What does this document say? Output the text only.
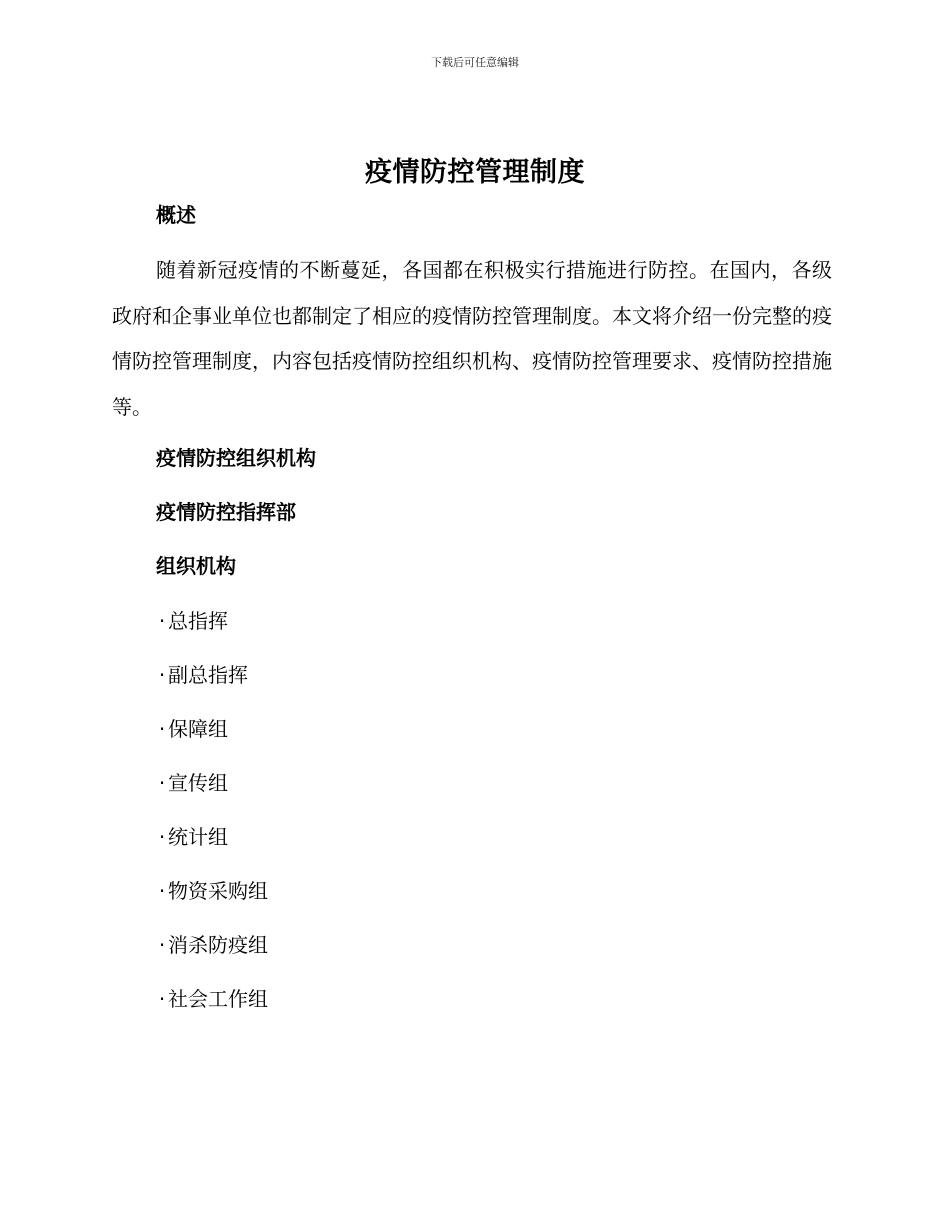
下载后可任意编辑
疫情防控管理制度
概述

随着新冠疫情的不断蔓延，各国都在积极实行措施进行防控。在国内，各级政府和企事业单位也都制定了相应的疫情防控管理制度。本文将介绍一份完整的疫情防控管理制度，内容包括疫情防控组织机构、疫情防控管理要求、疫情防控措施等。

疫情防控组织机构
疫情防控指挥部
组织机构
· 总指挥
· 副总指挥
· 保障组
· 宣传组
· 统计组
· 物资采购组
· 消杀防疫组
· 社会工作组
